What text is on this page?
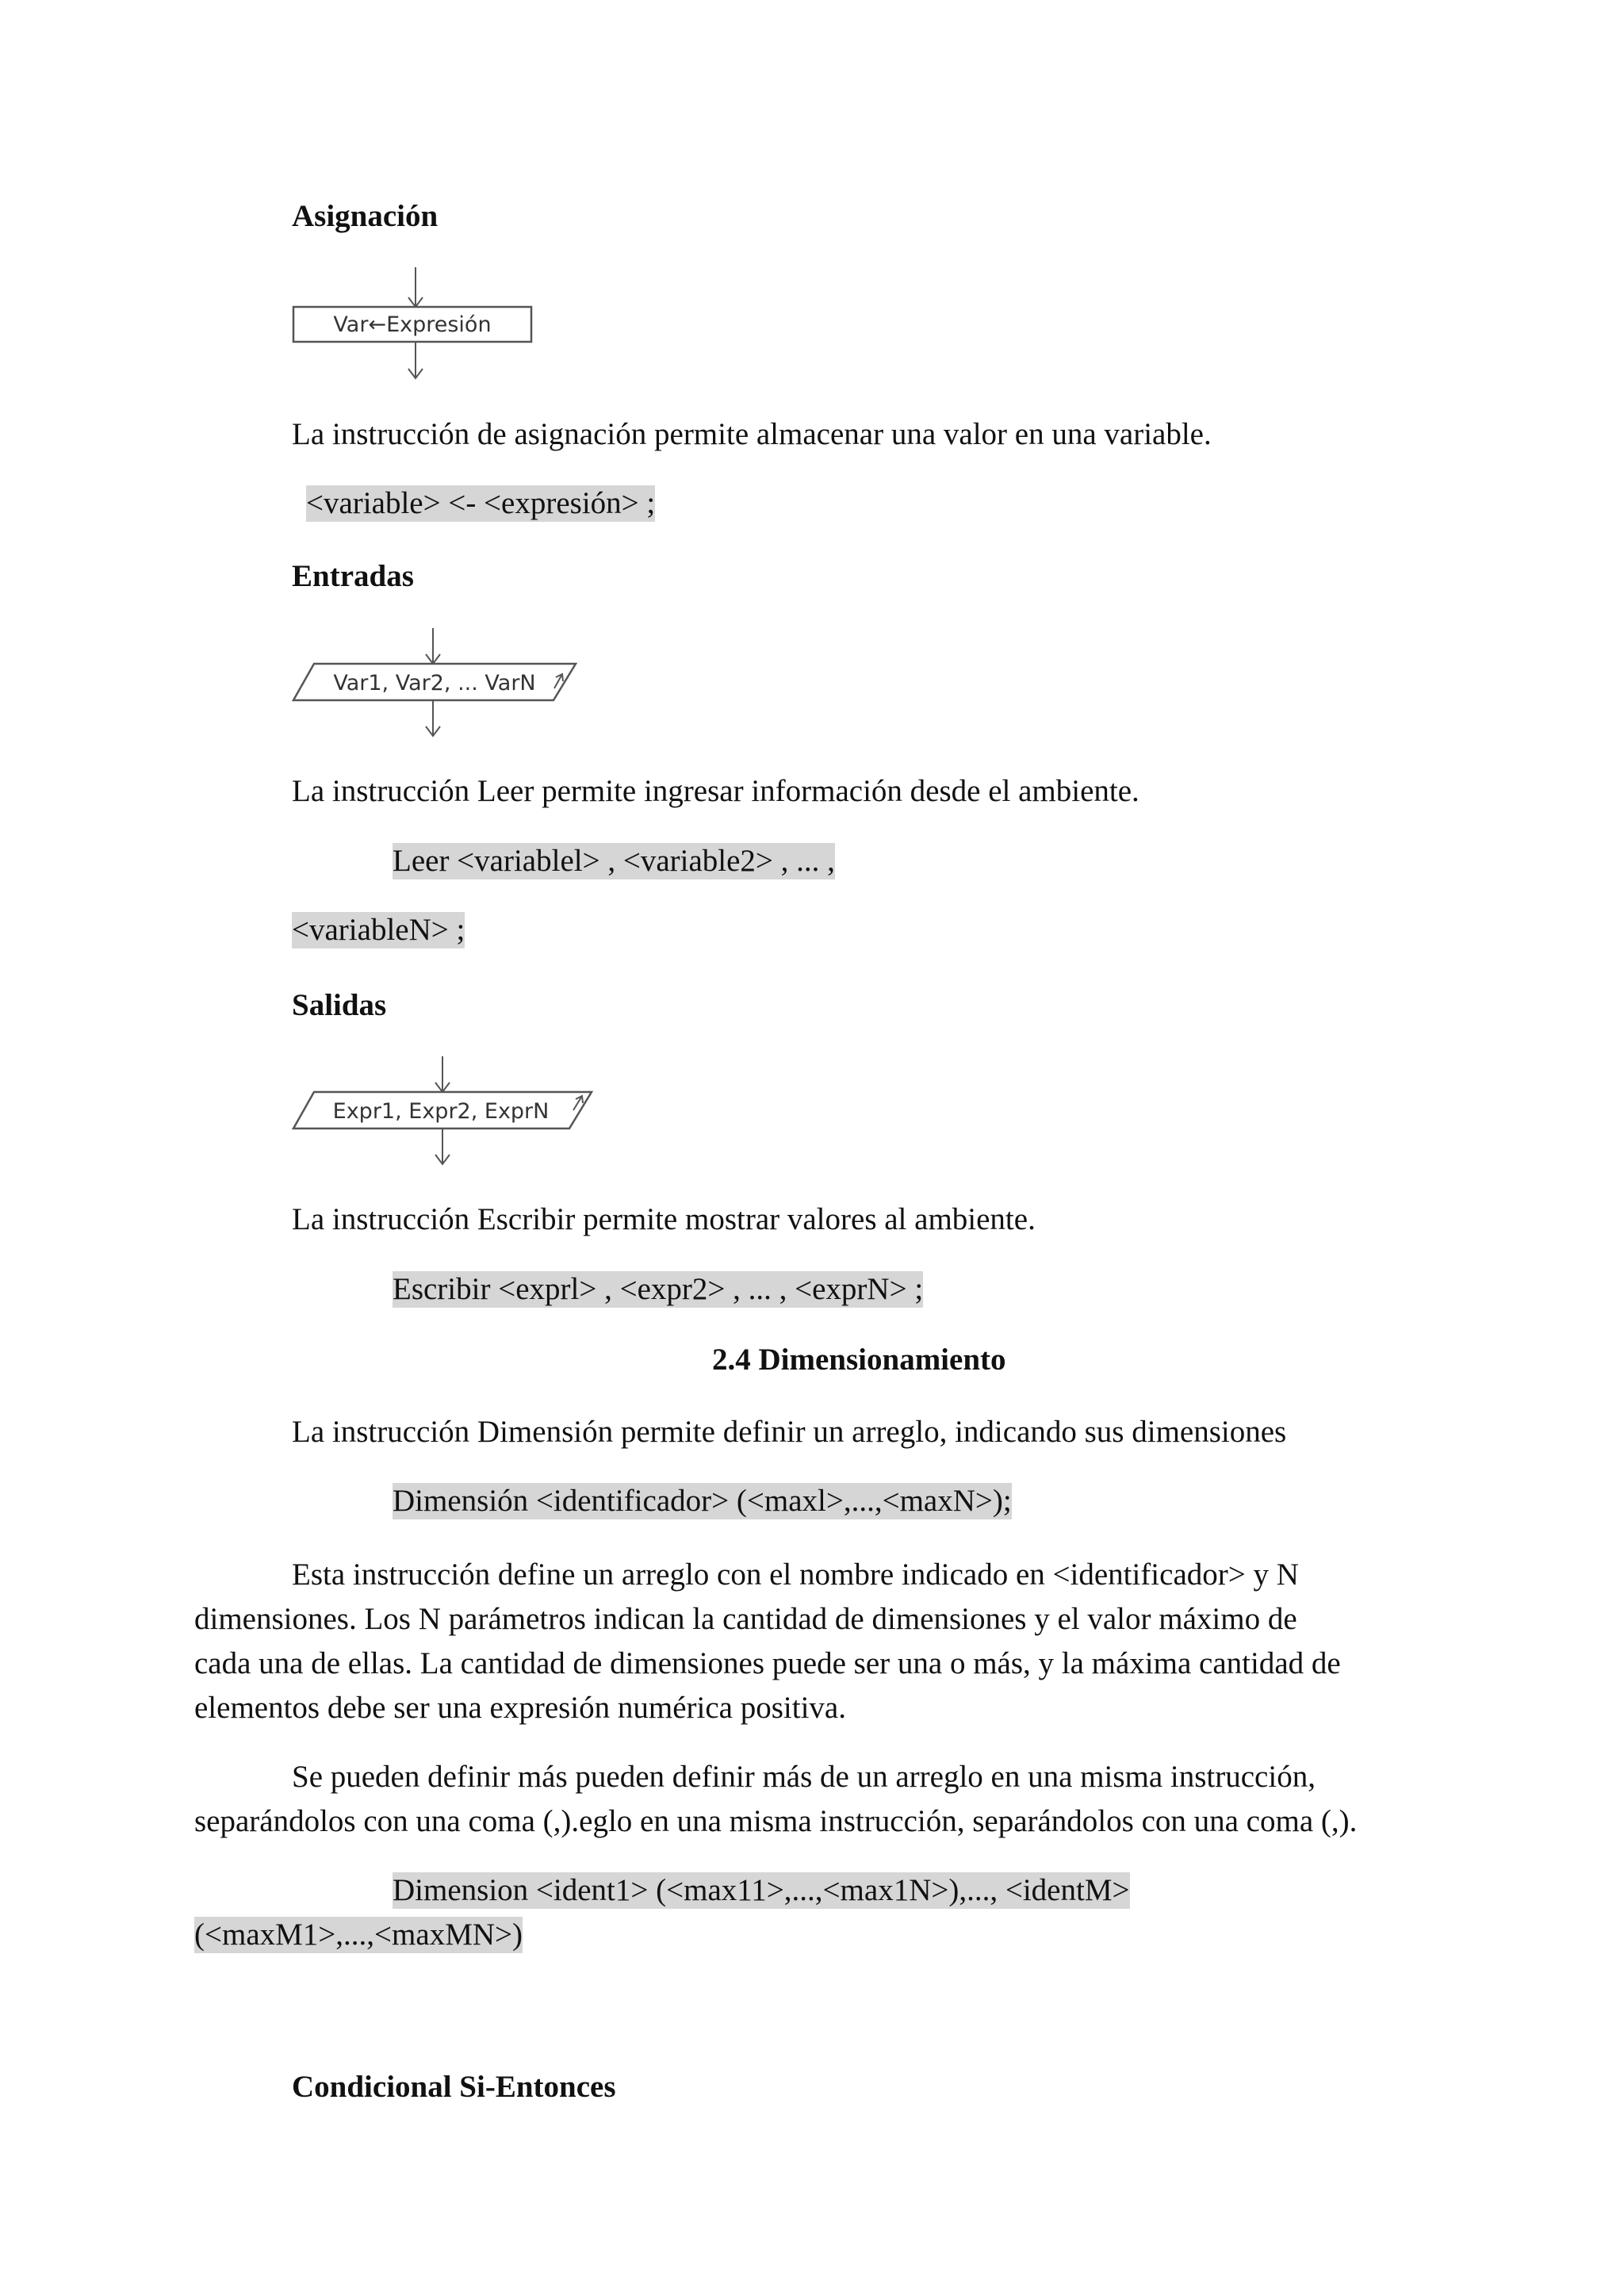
Asignación
Var←Expresión
La instrucción de asignación permite almacenar una valor en una variable.
<variable> <- <expresión> ;
Entradas
Var1, Var2, ... VarN
La instrucción Leer permite ingresar información desde el ambiente.
Leer <variablel> , <variable2> , ... ,
<variableN> ;
Salidas
Expr1, Expr2, ExprN
La instrucción Escribir permite mostrar valores al ambiente.
Escribir <exprl> , <expr2> , ... , <exprN> ;
2.4 Dimensionamiento
La instrucción Dimensión permite definir un arreglo, indicando sus dimensiones
Dimensión <identificador> (<maxl>,...,<maxN>);
Esta instrucción define un arreglo con el nombre indicado en <identificador> y N
dimensiones. Los N parámetros indican la cantidad de dimensiones y el valor máximo de
cada una de ellas. La cantidad de dimensiones puede ser una o más, y la máxima cantidad de
elementos debe ser una expresión numérica positiva.
Se pueden definir más pueden definir más de un arreglo en una misma instrucción,
separándolos con una coma (,).eglo en una misma instrucción, separándolos con una coma (,).
Dimension <ident1> (<max11>,...,<max1N>),..., <identM>
(<maxM1>,...,<maxMN>)
Condicional Si-Entonces
